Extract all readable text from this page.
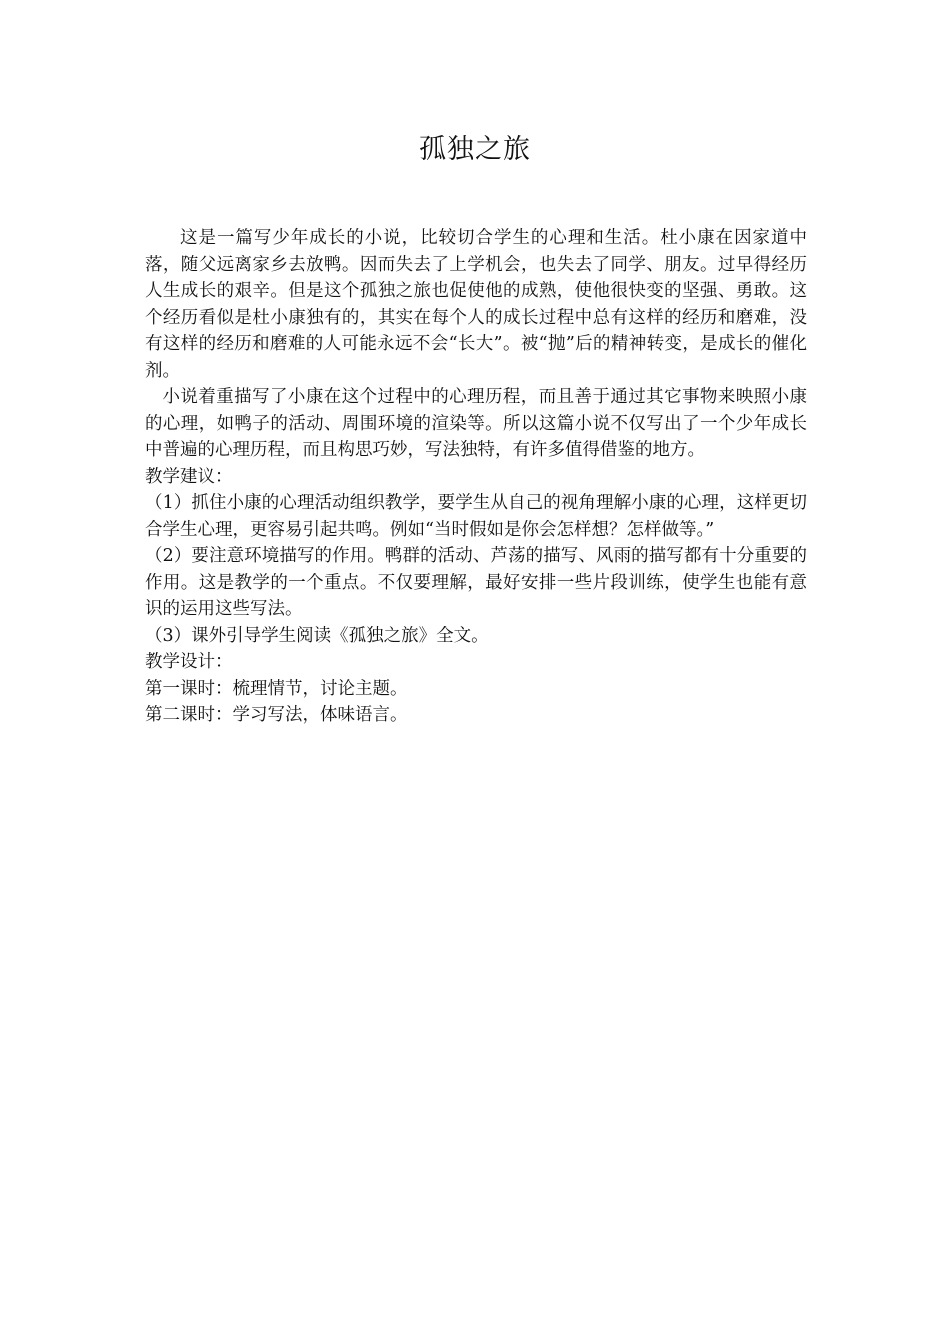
孤独之旅

这是一篇写少年成长的小说，比较切合学生的心理和生活。杜小康在因家道中落，随父远离家乡去放鸭。因而失去了上学机会，也失去了同学、朋友。过早得经历人生成长的艰辛。但是这个孤独之旅也促使他的成熟，使他很快变的坚强、勇敢。这个经历看似是杜小康独有的，其实在每个人的成长过程中总有这样的经历和磨难，没有这样的经历和磨难的人可能永远不会“长大”。被“抛”后的精神转变，是成长的催化剂。

小说着重描写了小康在这个过程中的心理历程，而且善于通过其它事物来映照小康的心理，如鸭子的活动、周围环境的渲染等。所以这篇小说不仅写出了一个少年成长中普遍的心理历程，而且构思巧妙，写法独特，有许多值得借鉴的地方。

教学建议：

（1）抓住小康的心理活动组织教学，要学生从自己的视角理解小康的心理，这样更切合学生心理，更容易引起共鸣。例如“当时假如是你会怎样想？怎样做等。”

（2）要注意环境描写的作用。鸭群的活动、芦荡的描写、风雨的描写都有十分重要的作用。这是教学的一个重点。不仅要理解，最好安排一些片段训练，使学生也能有意识的运用这些写法。

（3）课外引导学生阅读《孤独之旅》全文。

教学设计：

第一课时：梳理情节，讨论主题。

第二课时：学习写法，体味语言。
